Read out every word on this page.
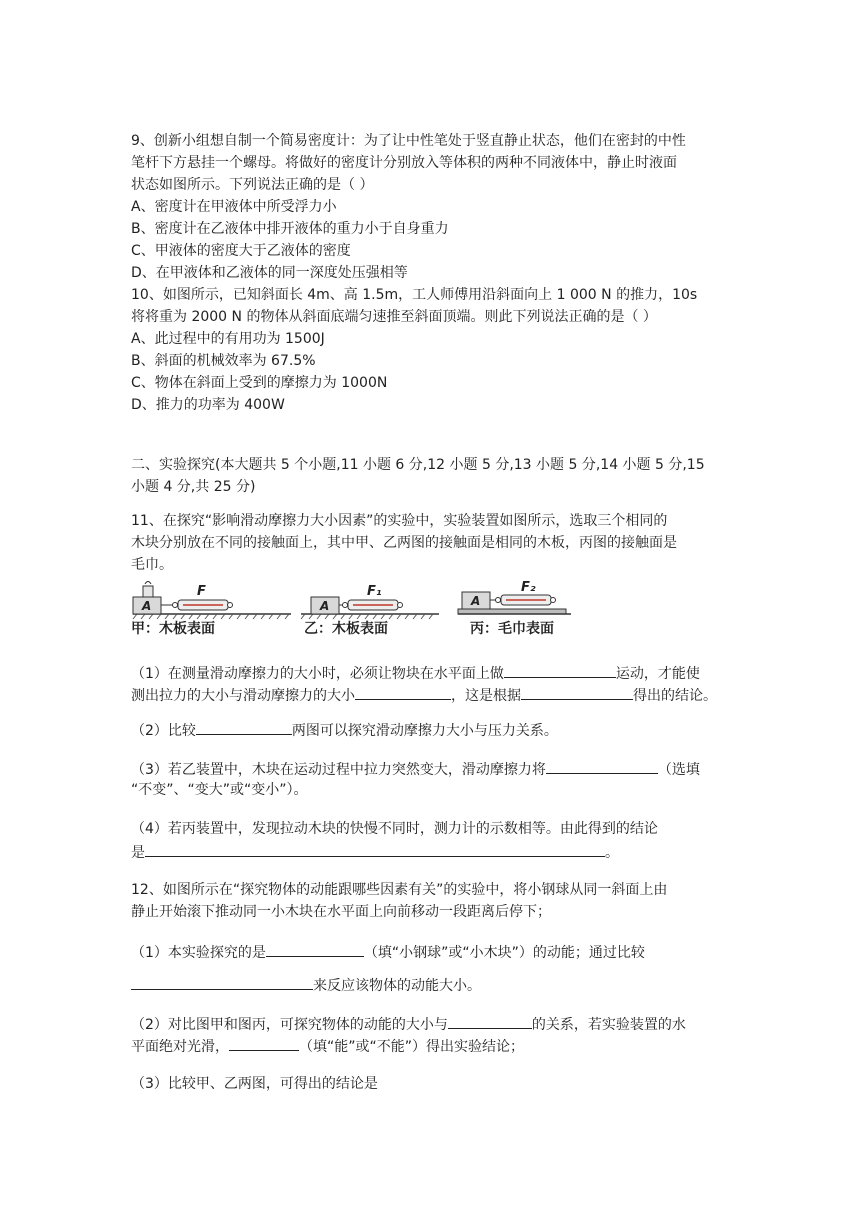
9、创新小组想自制一个简易密度计：为了让中性笔处于竖直静止状态，他们在密封的中性
笔杆下方悬挂一个螺母。将做好的密度计分别放入等体积的两种不同液体中，静止时液面
状态如图所示。下列说法正确的是（ ）
A、密度计在甲液体中所受浮力小
B、密度计在乙液体中排开液体的重力小于自身重力
C、甲液体的密度大于乙液体的密度
D、在甲液体和乙液体的同一深度处压强相等
10、如图所示，已知斜面长 4m、高 1.5m，工人师傅用沿斜面向上 1 000 N 的推力，10s
将将重为 2000 N 的物体从斜面底端匀速推至斜面顶端。则此下列说法正确的是（ ）
A、此过程中的有用功为 1500J
B、斜面的机械效率为 67.5%
C、物体在斜面上受到的摩擦力为 1000N
D、推力的功率为 400W
二、实验探究(本大题共 5 个小题,11 小题 6 分,12 小题 5 分,13 小题 5 分,14 小题 5 分,15
小题 4 分,共 25 分)
11、在探究“影响滑动摩擦力大小因素”的实验中，实验装置如图所示，选取三个相同的
木块分别放在不同的接触面上，其中甲、乙两图的接触面是相同的木板，丙图的接触面是
毛巾。
A	A	A
F	F₁	F₂
甲：木板表面	乙：木板表面	丙：毛巾表面
（1）在测量滑动摩擦力的大小时，必须让物块在水平面上做	运动，才能使
测出拉力的大小与滑动摩擦力的大小	，这是根据	得出的结论。
（2）比较	两图可以探究滑动摩擦力大小与压力关系。
（3）若乙装置中，木块在运动过程中拉力突然变大，滑动摩擦力将	（选填
“不变”、“变大”或“变小”）。
（4）若丙装置中，发现拉动木块的快慢不同时，测力计的示数相等。由此得到的结论
是	。
12、如图所示在“探究物体的动能跟哪些因素有关”的实验中，将小钢球从同一斜面上由
静止开始滚下推动同一小木块在水平面上向前移动一段距离后停下；
（1）本实验探究的是	（填“小钢球”或“小木块”）的动能；通过比较
来反应该物体的动能大小。
（2）对比图甲和图丙，可探究物体的动能的大小与	的关系，若实验装置的水
平面绝对光滑，	（填“能”或“不能”）得出实验结论；
（3）比较甲、乙两图，可得出的结论是
